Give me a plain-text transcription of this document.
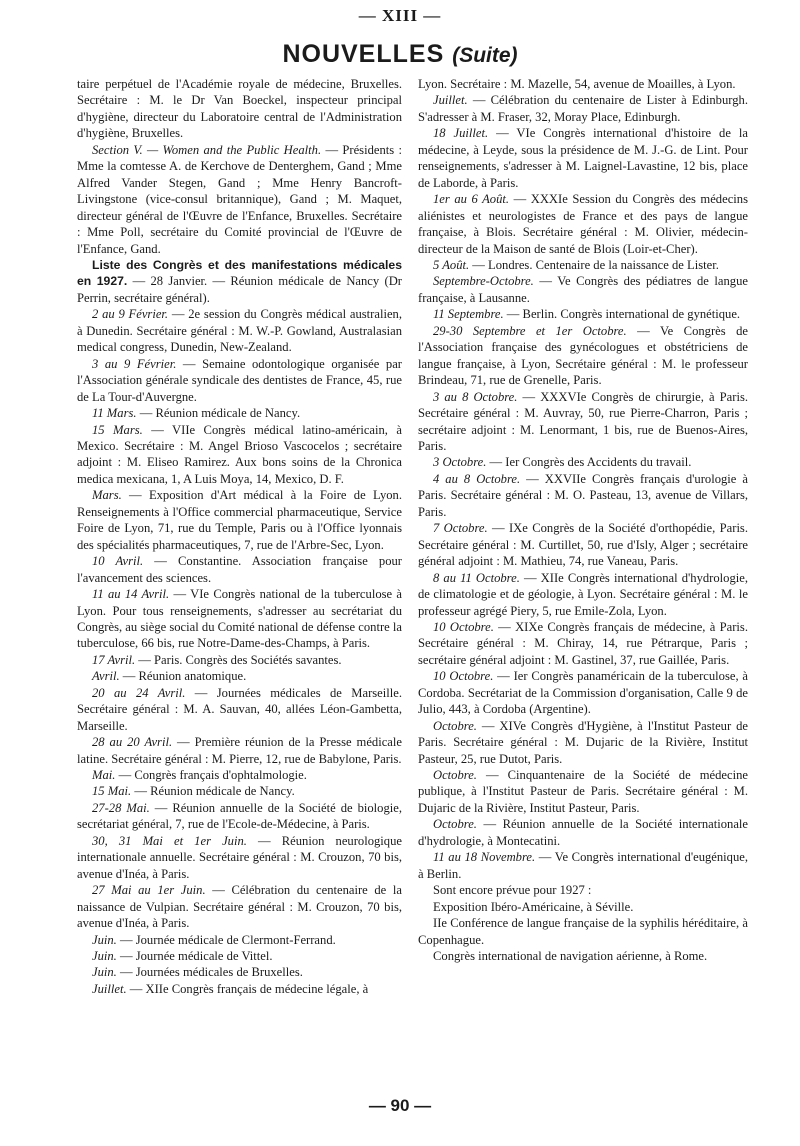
— XIII —
NOUVELLES (Suite)

taire perpétuel de l'Académie royale de médecine, Bruxelles. Secrétaire : M. le Dr Van Boeckel, inspecteur principal d'hygiène, directeur du Laboratoire central de l'Administration d'hygiène, Bruxelles.

Section V. — Women and the Public Health. — Présidents : Mme la comtesse A. de Kerchove de Denterghem, Gand ; Mme Alfred Vander Stegen, Gand ; Mme Henry Bancroft-Livingstone (vice-consul britannique), Gand ; M. Maquet, directeur général de l'Œuvre de l'Enfance, Bruxelles. Secrétaire : Mme Poll, secrétaire du Comité provincial de l'Œuvre de l'Enfance, Gand.

Liste des Congrès et des manifestations médicales en 1927. — 28 Janvier. — Réunion médicale de Nancy (Dr Perrin, secrétaire général).

2 au 9 Février. — 2e session du Congrès médical australien, à Dunedin. Secrétaire général : M. W.-P. Gowland, Australasian medical congress, Dunedin, New-Zealand.

3 au 9 Février. — Semaine odontologique organisée par l'Association générale syndicale des dentistes de France, 45, rue de La Tour-d'Auvergne.

11 Mars. — Réunion médicale de Nancy.

15 Mars. — VIIe Congrès médical latino-américain, à Mexico. Secrétaire : M. Angel Brioso Vascocelos ; secrétaire adjoint : M. Eliseo Ramirez. Aux bons soins de la Chronica medica mexicana, 1, A Luis Moya, 14, Mexico, D. F.

Mars. — Exposition d'Art médical à la Foire de Lyon. Renseignements à l'Office commercial pharmaceutique, Service Foire de Lyon, 71, rue du Temple, Paris ou à l'Office lyonnais des spécialités pharmaceutiques, 7, rue de l'Arbre-Sec, Lyon.

10 Avril. — Constantine. Association française pour l'avancement des sciences.

11 au 14 Avril. — VIe Congrès national de la tuberculose à Lyon. Pour tous renseignements, s'adresser au secrétariat du Congrès, au siège social du Comité national de défense contre la tuberculose, 66 bis, rue Notre-Dame-des-Champs, à Paris.

17 Avril. — Paris. Congrès des Sociétés savantes.

Avril. — Réunion anatomique.

20 au 24 Avril. — Journées médicales de Marseille. Secrétaire général : M. A. Sauvan, 40, allées Léon-Gambetta, Marseille.

28 au 20 Avril. — Première réunion de la Presse médicale latine. Secrétaire général : M. Pierre, 12, rue de Babylone, Paris.

Mai. — Congrès français d'ophtalmologie.

15 Mai. — Réunion médicale de Nancy.

27-28 Mai. — Réunion annuelle de la Société de biologie, secrétariat général, 7, rue de l'Ecole-de-Médecine, à Paris.

30, 31 Mai et 1er Juin. — Réunion neurologique internationale annuelle. Secrétaire général : M. Crouzon, 70 bis, avenue d'Inéa, à Paris.

27 Mai au 1er Juin. — Célébration du centenaire de la naissance de Vulpian. Secrétaire général : M. Crouzon, 70 bis, avenue d'Inéa, à Paris.

Juin. — Journée médicale de Clermont-Ferrand.

Juin. — Journée médicale de Vittel.

Juin. — Journées médicales de Bruxelles.

Juillet. — XIIe Congrès français de médecine légale, à

Lyon. Secrétaire : M. Mazelle, 54, avenue de Moailles, à Lyon.

Juillet. — Célébration du centenaire de Lister à Edinburgh. S'adresser à M. Fraser, 32, Moray Place, Edinburgh.

18 Juillet. — VIe Congrès international d'histoire de la médecine, à Leyde, sous la présidence de M. J.-G. de Lint. Pour renseignements, s'adresser à M. Laignel-Lavastine, 12 bis, place de Laborde, à Paris.

1er au 6 Août. — XXXIe Session du Congrès des médecins aliénistes et neurologistes de France et des pays de langue française, à Blois. Secrétaire général : M. Olivier, médecin-directeur de la Maison de santé de Blois (Loir-et-Cher).

5 Août. — Londres. Centenaire de la naissance de Lister.

Septembre-Octobre. — Ve Congrès des pédiatres de langue française, à Lausanne.

11 Septembre. — Berlin. Congrès international de gynétique.

29-30 Septembre et 1er Octobre. — Ve Congrès de l'Association française des gynécologues et obstétriciens de langue française, à Lyon, Secrétaire général : M. le professeur Brindeau, 71, rue de Grenelle, Paris.

3 au 8 Octobre. — XXXVIe Congrès de chirurgie, à Paris. Secrétaire général : M. Auvray, 50, rue Pierre-Charron, Paris ; secrétaire adjoint : M. Lenormant, 1 bis, rue de Buenos-Aires, Paris.

3 Octobre. — Ier Congrès des Accidents du travail.

4 au 8 Octobre. — XXVIIe Congrès français d'urologie à Paris. Secrétaire général : M. O. Pasteau, 13, avenue de Villars, Paris.

7 Octobre. — IXe Congrès de la Société d'orthopédie, Paris. Secrétaire général : M. Curtillet, 50, rue d'Isly, Alger ; secrétaire général adjoint : M. Mathieu, 74, rue Vaneau, Paris.

8 au 11 Octobre. — XIIe Congrès international d'hydrologie, de climatologie et de géologie, à Lyon. Secrétaire général : M. le professeur agrégé Piery, 5, rue Emile-Zola, Lyon.

10 Octobre. — XIXe Congrès français de médecine, à Paris. Secrétaire général : M. Chiray, 14, rue Pétrarque, Paris ; secrétaire général adjoint : M. Gastinel, 37, rue Gaillée, Paris.

10 Octobre. — Ier Congrès panaméricain de la tuberculose, à Cordoba. Secrétariat de la Commission d'organisation, Calle 9 de Julio, 443, à Cordoba (Argentine).

Octobre. — XIVe Congrès d'Hygiène, à l'Institut Pasteur de Paris. Secrétaire général : M. Dujaric de la Rivière, Institut Pasteur, 25, rue Dutot, Paris.

Octobre. — Cinquantenaire de la Société de médecine publique, à l'Institut Pasteur de Paris. Secrétaire général : M. Dujaric de la Rivière, Institut Pasteur, Paris.

Octobre. — Réunion annuelle de la Société internationale d'hydrologie, à Montecatini.

11 au 18 Novembre. — Ve Congrès international d'eugénique, à Berlin.

Sont encore prévue pour 1927 :

Exposition Ibéro-Américaine, à Séville.

IIe Conférence de langue française de la syphilis héréditaire, à Copenhague.

Congrès international de navigation aérienne, à Rome.

— 90 —
